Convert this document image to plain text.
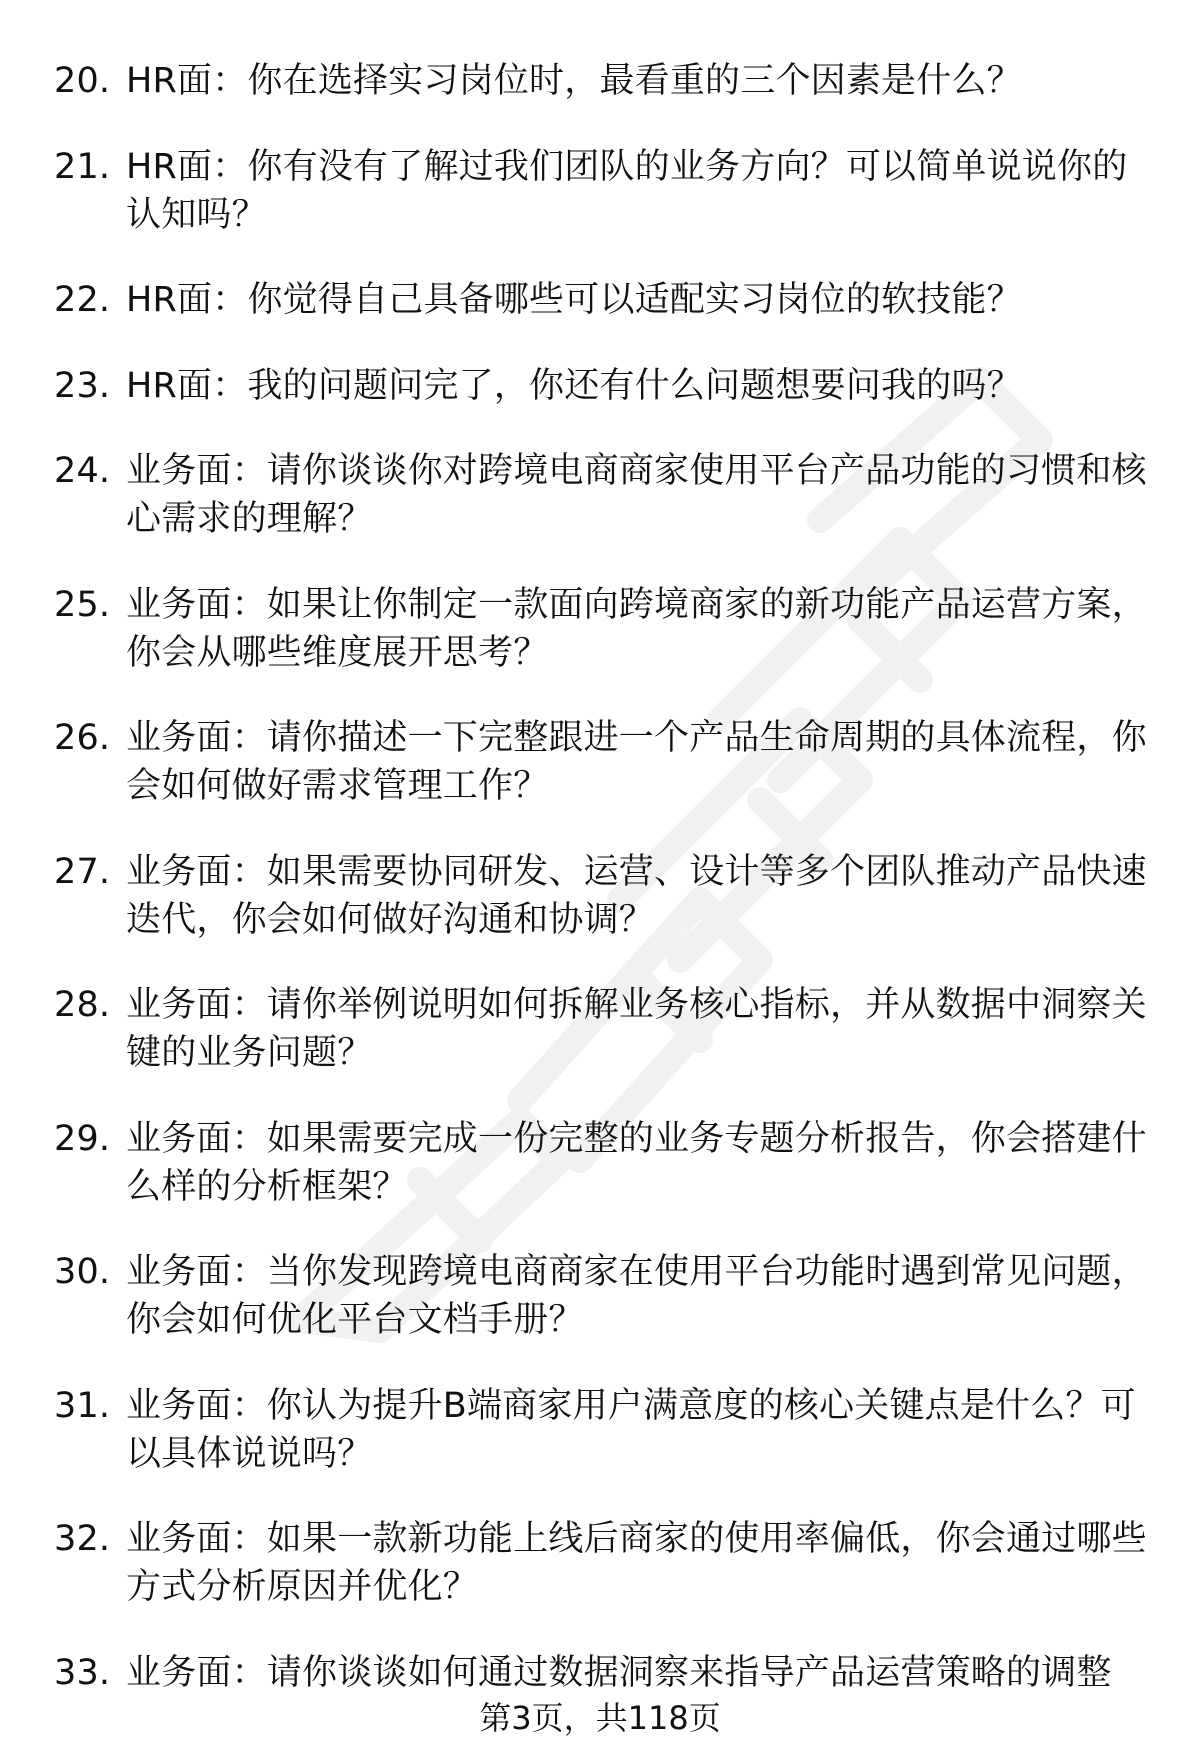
20. HR面：你在选择实习岗位时，最看重的三个因素是什么？
21. HR面：你有没有了解过我们团队的业务方向？可以简单说说你的认知吗？
22. HR面：你觉得自己具备哪些可以适配实习岗位的软技能？
23. HR面：我的问题问完了，你还有什么问题想要问我的吗？
24. 业务面：请你谈谈你对跨境电商商家使用平台产品功能的习惯和核心需求的理解？
25. 业务面：如果让你制定一款面向跨境商家的新功能产品运营方案，你会从哪些维度展开思考？
26. 业务面：请你描述一下完整跟进一个产品生命周期的具体流程，你会如何做好需求管理工作？
27. 业务面：如果需要协同研发、运营、设计等多个团队推动产品快速迭代，你会如何做好沟通和协调？
28. 业务面：请你举例说明如何拆解业务核心指标，并从数据中洞察关键的业务问题？
29. 业务面：如果需要完成一份完整的业务专题分析报告，你会搭建什么样的分析框架？
30. 业务面：当你发现跨境电商商家在使用平台功能时遇到常见问题，你会如何优化平台文档手册？
31. 业务面：你认为提升B端商家用户满意度的核心关键点是什么？可以具体说说吗？
32. 业务面：如果一款新功能上线后商家的使用率偏低，你会通过哪些方式分析原因并优化？
33. 业务面：请你谈谈如何通过数据洞察来指导产品运营策略的调整
第3页，共118页
